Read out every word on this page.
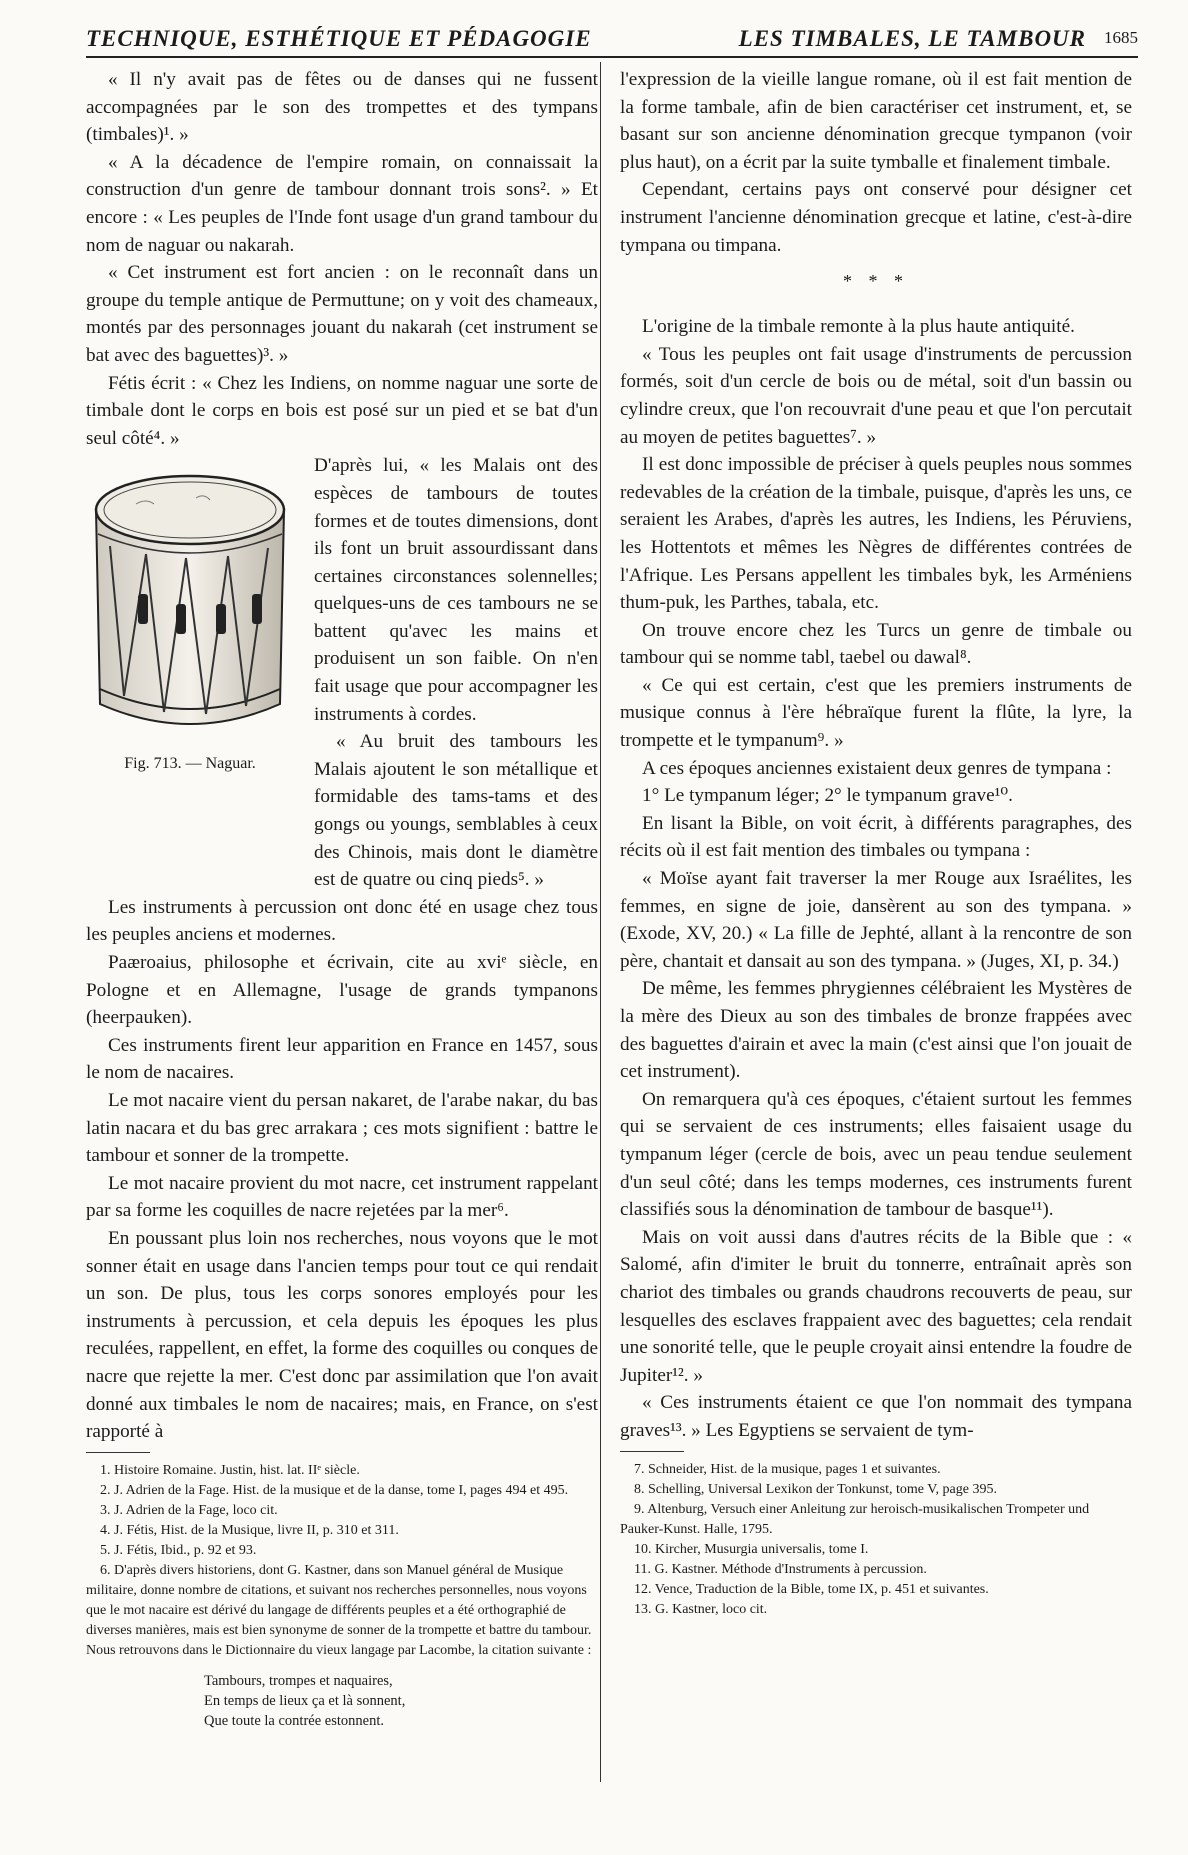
TECHNIQUE, ESTHÉTIQUE ET PÉDAGOGIE	LES TIMBALES, LE TAMBOUR 1685

« Il n'y avait pas de fêtes ou de danses qui ne fussent accompagnées par le son des trompettes et des tympans (timbales)¹. »

« A la décadence de l'empire romain, on connaissait la construction d'un genre de tambour donnant trois sons². » Et encore : « Les peuples de l'Inde font usage d'un grand tambour du nom de naguar ou nakarah.

« Cet instrument est fort ancien : on le reconnaît dans un groupe du temple antique de Permuttune; on y voit des chameaux, montés par des personnages jouant du nakarah (cet instrument se bat avec des baguettes)³. »

Fétis écrit : « Chez les Indiens, on nomme naguar une sorte de timbale dont le corps en bois est posé sur un pied et se bat d'un seul côté⁴. »

Fig. 713. — Naguar.

D'après lui, « les Malais ont des espèces de tambours de toutes formes et de toutes dimensions, dont ils font un bruit assourdissant dans certaines circonstances solennelles; quelques-uns de ces tambours ne se battent qu'avec les mains et produisent un son faible. On n'en fait usage que pour accompagner les instruments à cordes.

« Au bruit des tambours les Malais ajoutent le son métallique et formidable des tams-tams et des gongs ou youngs, semblables à ceux des Chinois, mais dont le diamètre est de quatre ou cinq pieds⁵. »

Les instruments à percussion ont donc été en usage chez tous les peuples anciens et modernes.

Paæroaius, philosophe et écrivain, cite au xviᵉ siècle, en Pologne et en Allemagne, l'usage de grands tympanons (heerpauken).

Ces instruments firent leur apparition en France en 1457, sous le nom de nacaires.

Le mot nacaire vient du persan nakaret, de l'arabe nakar, du bas latin nacara et du bas grec arrakara ; ces mots signifient : battre le tambour et sonner de la trompette.

Le mot nacaire provient du mot nacre, cet instrument rappelant par sa forme les coquilles de nacre rejetées par la mer⁶.

En poussant plus loin nos recherches, nous voyons que le mot sonner était en usage dans l'ancien temps pour tout ce qui rendait un son. De plus, tous les corps sonores employés pour les instruments à percussion, et cela depuis les époques les plus reculées, rappellent, en effet, la forme des coquilles ou conques de nacre que rejette la mer. C'est donc par assimilation que l'on avait donné aux timbales le nom de nacaires; mais, en France, on s'est rapporté à

1. Histoire Romaine. Justin, hist. lat. IIᵉ siècle.

2. J. Adrien de la Fage. Hist. de la musique et de la danse, tome I, pages 494 et 495.

3. J. Adrien de la Fage, loco cit.

4. J. Fétis, Hist. de la Musique, livre II, p. 310 et 311.

5. J. Fétis, Ibid., p. 92 et 93.

6. D'après divers historiens, dont G. Kastner, dans son Manuel général de Musique militaire, donne nombre de citations, et suivant nos recherches personnelles, nous voyons que le mot nacaire est dérivé du langage de différents peuples et a été orthographié de diverses manières, mais est bien synonyme de sonner de la trompette et battre du tambour. Nous retrouvons dans le Dictionnaire du vieux langage par Lacombe, la citation suivante :

Tambours, trompes et naquaires,
En temps de lieux ça et là sonnent,
Que toute la contrée estonnent.

l'expression de la vieille langue romane, où il est fait mention de la forme tambale, afin de bien caractériser cet instrument, et, se basant sur son ancienne dénomination grecque tympanon (voir plus haut), on a écrit par la suite tymballe et finalement timbale.

Cependant, certains pays ont conservé pour désigner cet instrument l'ancienne dénomination grecque et latine, c'est-à-dire tympana ou timpana.

* * *

L'origine de la timbale remonte à la plus haute antiquité.

« Tous les peuples ont fait usage d'instruments de percussion formés, soit d'un cercle de bois ou de métal, soit d'un bassin ou cylindre creux, que l'on recouvrait d'une peau et que l'on percutait au moyen de petites baguettes⁷. »

Il est donc impossible de préciser à quels peuples nous sommes redevables de la création de la timbale, puisque, d'après les uns, ce seraient les Arabes, d'après les autres, les Indiens, les Péruviens, les Hottentots et mêmes les Nègres de différentes contrées de l'Afrique. Les Persans appellent les timbales byk, les Arméniens thum-puk, les Parthes, tabala, etc.

On trouve encore chez les Turcs un genre de timbale ou tambour qui se nomme tabl, taebel ou dawal⁸.

« Ce qui est certain, c'est que les premiers instruments de musique connus à l'ère hébraïque furent la flûte, la lyre, la trompette et le tympanum⁹. »

A ces époques anciennes existaient deux genres de tympana :

1° Le tympanum léger; 2° le tympanum grave¹⁰.

En lisant la Bible, on voit écrit, à différents paragraphes, des récits où il est fait mention des timbales ou tympana :

« Moïse ayant fait traverser la mer Rouge aux Israélites, les femmes, en signe de joie, dansèrent au son des tympana. » (Exode, XV, 20.) « La fille de Jephté, allant à la rencontre de son père, chantait et dansait au son des tympana. » (Juges, XI, p. 34.)

De même, les femmes phrygiennes célébraient les Mystères de la mère des Dieux au son des timbales de bronze frappées avec des baguettes d'airain et avec la main (c'est ainsi que l'on jouait de cet instrument).

On remarquera qu'à ces époques, c'étaient surtout les femmes qui se servaient de ces instruments; elles faisaient usage du tympanum léger (cercle de bois, avec un peau tendue seulement d'un seul côté; dans les temps modernes, ces instruments furent classifiés sous la dénomination de tambour de basque¹¹).

Mais on voit aussi dans d'autres récits de la Bible que : « Salomé, afin d'imiter le bruit du tonnerre, entraînait après son chariot des timbales ou grands chaudrons recouverts de peau, sur lesquelles des esclaves frappaient avec des baguettes; cela rendait une sonorité telle, que le peuple croyait ainsi entendre la foudre de Jupiter¹². »

« Ces instruments étaient ce que l'on nommait des tympana graves¹³. » Les Egyptiens se servaient de tym-

7. Schneider, Hist. de la musique, pages 1 et suivantes.

8. Schelling, Universal Lexikon der Tonkunst, tome V, page 395.

9. Altenburg, Versuch einer Anleitung zur heroisch-musikalischen Trompeter und Pauker-Kunst. Halle, 1795.

10. Kircher, Musurgia universalis, tome I.

11. G. Kastner. Méthode d'Instruments à percussion.

12. Vence, Traduction de la Bible, tome IX, p. 451 et suivantes.

13. G. Kastner, loco cit.
